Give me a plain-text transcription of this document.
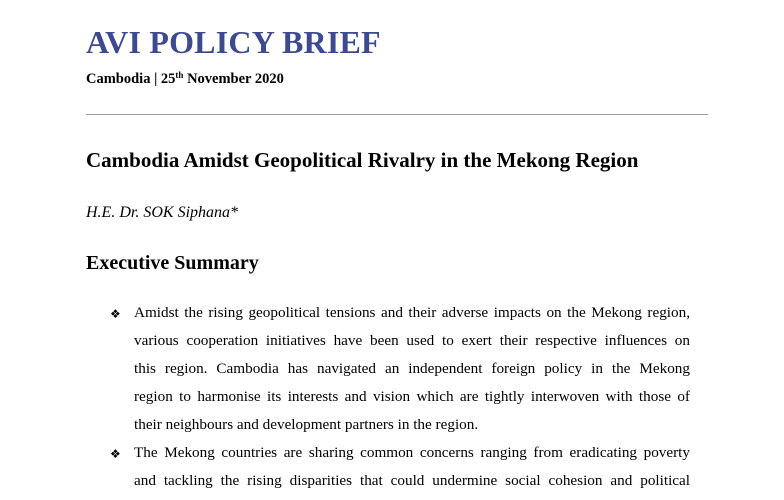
AVI POLICY BRIEF
Cambodia | 25th November 2020
Cambodia Amidst Geopolitical Rivalry in the Mekong Region
H.E. Dr. SOK Siphana*
Executive Summary
❖ Amidst the rising geopolitical tensions and their adverse impacts on the Mekong region,
various cooperation initiatives have been used to exert their respective influences on
this region. Cambodia has navigated an independent foreign policy in the Mekong
region to harmonise its interests and vision which are tightly interwoven with those of
their neighbours and development partners in the region.
❖ The Mekong countries are sharing common concerns ranging from eradicating poverty
and tackling the rising disparities that could undermine social cohesion and political
